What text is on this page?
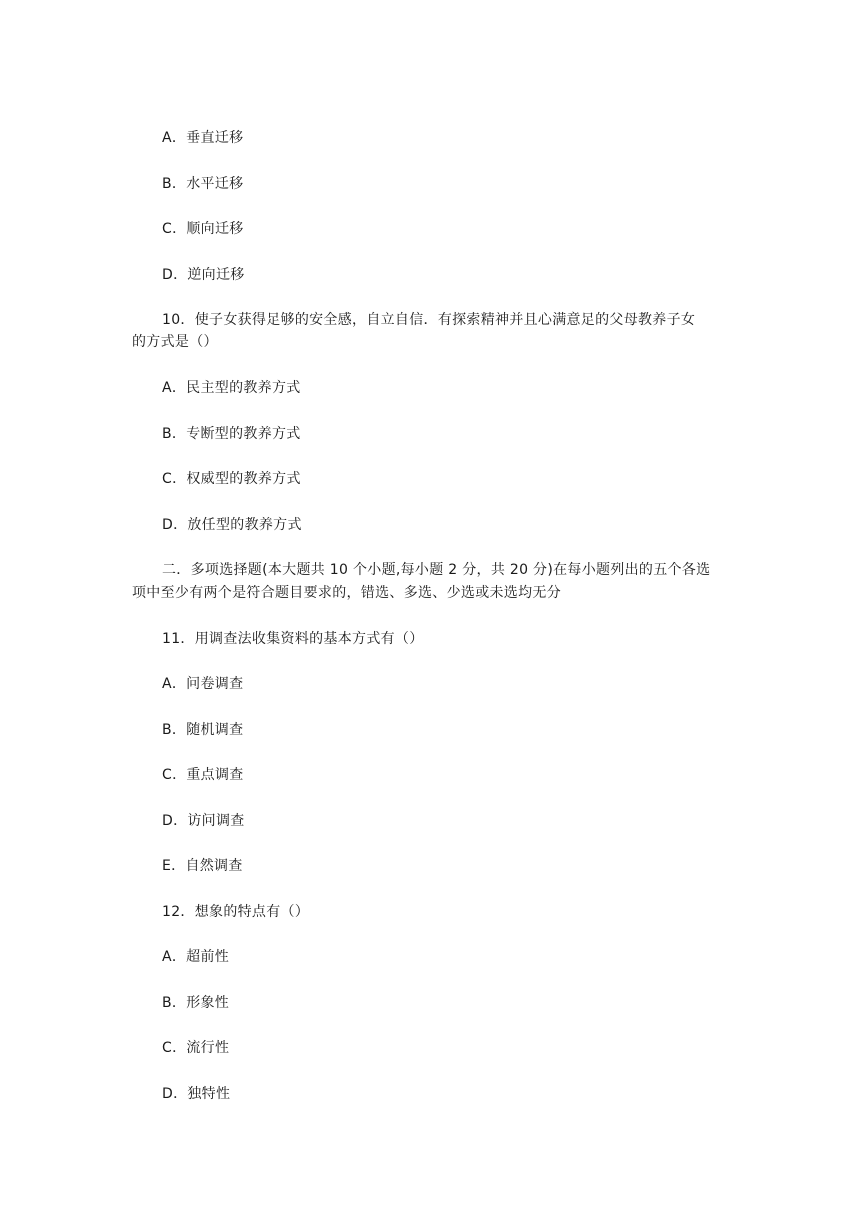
A．垂直迁移
B．水平迁移
C．顺向迁移
D．逆向迁移
10．使子女获得足够的安全感，自立自信．有探索精神并且心满意足的父母教养子女
的方式是（）
A．民主型的教养方式
B．专断型的教养方式
C．权威型的教养方式
D．放任型的教养方式
二．多项选择题(本大题共 10 个小题,每小题 2 分，共 20 分)在每小题列出的五个各选
项中至少有两个是符合题目要求的，错选、多选、少选或未选均无分
11．用调查法收集资料的基本方式有（）
A．问卷调查
B．随机调查
C．重点调查
D．访问调查
E．自然调查
12．想象的特点有（）
A．超前性
B．形象性
C．流行性
D．独特性
